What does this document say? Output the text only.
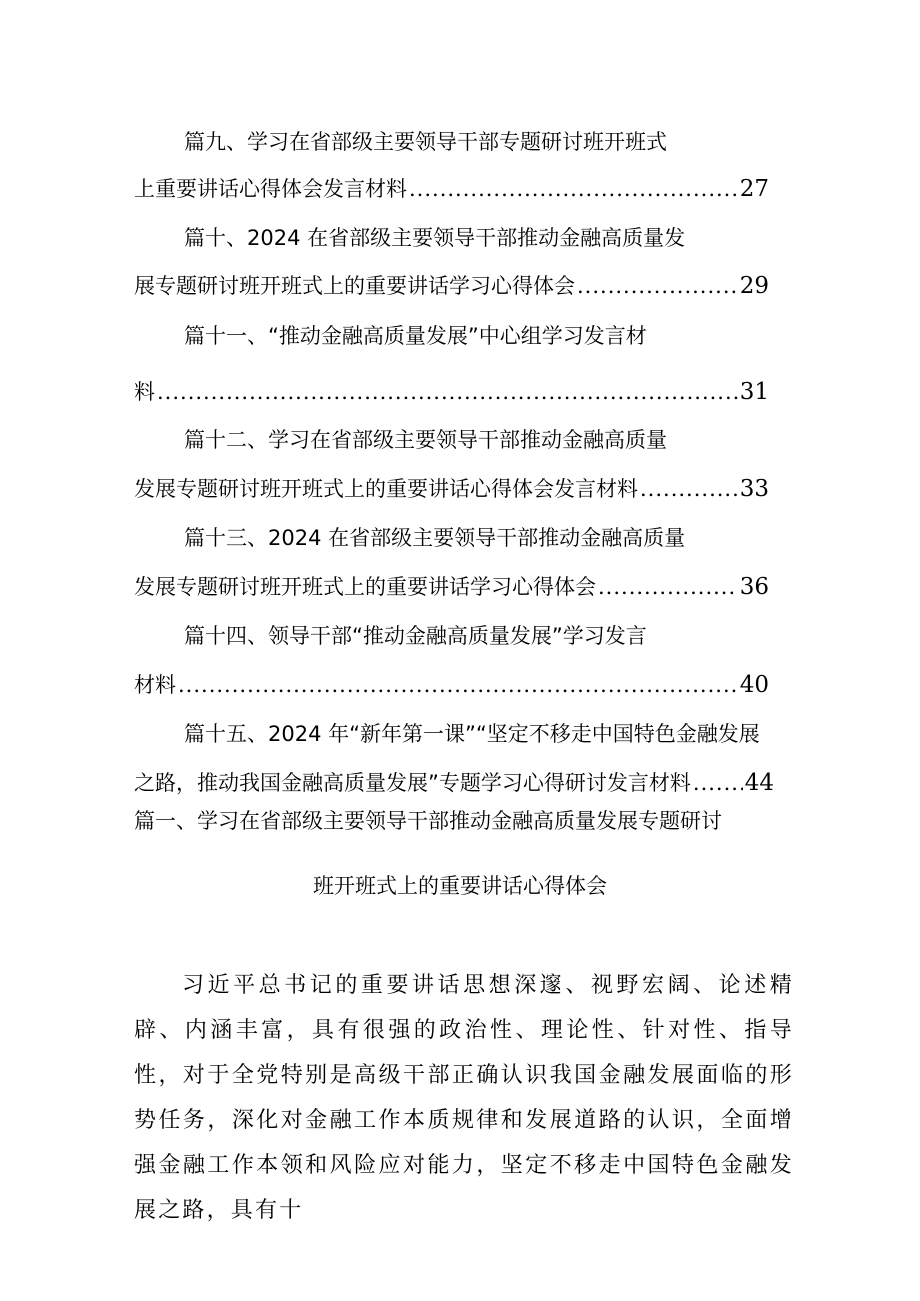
篇九、学习在省部级主要领导干部专题研讨班开班式
上重要讲话心得体会发言材料 .....	27
篇十、2024 在省部级主要领导干部推动金融高质量发
展专题研讨班开班式上的重要讲话学习心得体会 .....	29
篇十一、“推动金融高质量发展”中心组学习发言材
料 .....	31
篇十二、学习在省部级主要领导干部推动金融高质量
发展专题研讨班开班式上的重要讲话心得体会发言材料 .....	33
篇十三、2024 在省部级主要领导干部推动金融高质量
发展专题研讨班开班式上的重要讲话学习心得体会 .....	36
篇十四、领导干部“推动金融高质量发展”学习发言
材料 .....	40
篇十五、2024 年“新年第一课”“坚定不移走中国特色金融发展
之路，推动我国金融高质量发展”专题学习心得研讨发言材料 ..... 44
篇一、学习在省部级主要领导干部推动金融高质量发展专题研讨
班开班式上的重要讲话心得体会
习近平总书记的重要讲话思想深邃、视野宏阔、论述精辟、内涵丰富，具有很强的政治性、理论性、针对性、指导性，对于全党特别是高级干部正确认识我国金融发展面临的形势任务，深化对金融工作本质规律和发展道路的认识，全面增强金融工作本领和风险应对能力，坚定不移走中国特色金融发展之路，具有十
